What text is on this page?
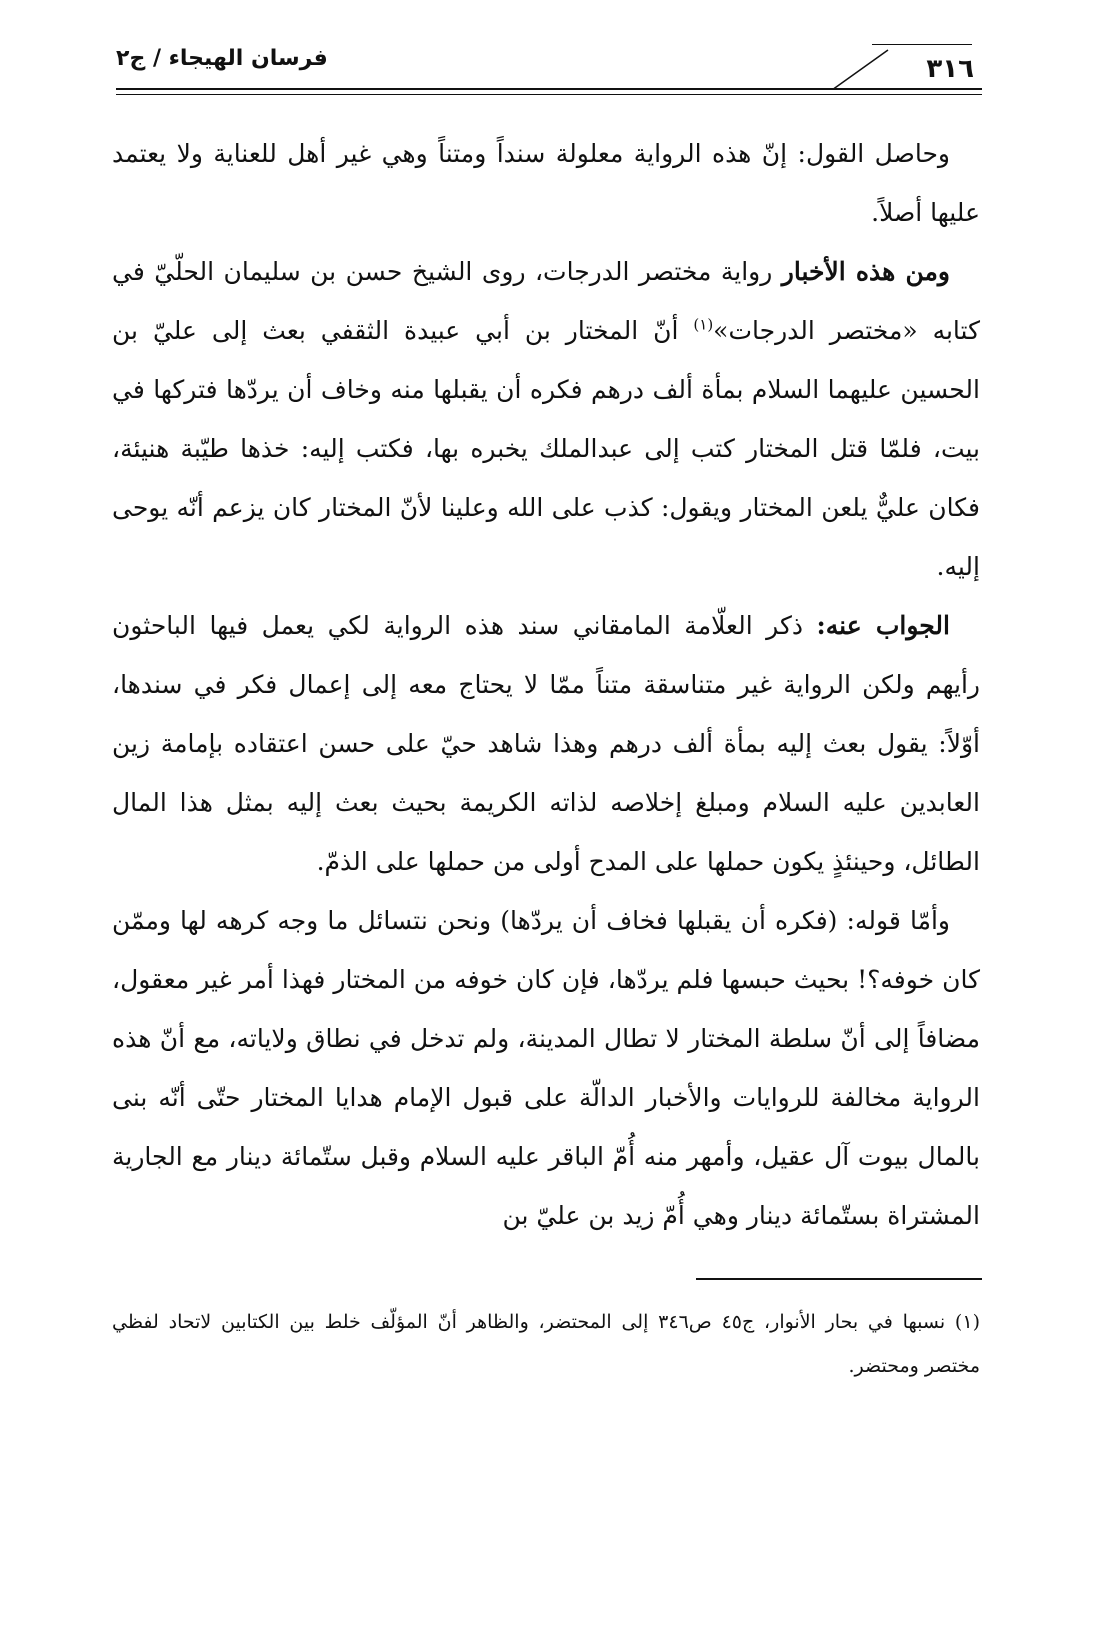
٣١٦
فرسان الهيجاء / ج٢

وحاصل القول: إنّ هذه الرواية معلولة سنداً ومتناً وهي غير أهل للعناية ولا يعتمد عليها أصلاً.

ومن هذه الأخبار رواية مختصر الدرجات، روى الشيخ حسن بن سليمان الحلّيّ في كتابه «مختصر الدرجات»$^{(١)}$ أنّ المختار بن أبي عبيدة الثقفي بعث إلى عليّ بن الحسين عليهما السلام بمأة ألف درهم فكره أن يقبلها منه وخاف أن يردّها فتركها في بيت، فلمّا قتل المختار كتب إلى عبدالملك يخبره بها، فكتب إليه: خذها طيّبة هنيئة، فكان عليٌّ يلعن المختار ويقول: كذب على الله وعلينا لأنّ المختار كان يزعم أنّه يوحى إليه.

الجواب عنه: ذكر العلّامة المامقاني سند هذه الرواية لكي يعمل فيها الباحثون رأيهم ولكن الرواية غير متناسقة متناً ممّا لا يحتاج معه إلى إعمال فكر في سندها، أوّلاً: يقول بعث إليه بمأة ألف درهم وهذا شاهد حيّ على حسن اعتقاده بإمامة زين العابدين عليه السلام ومبلغ إخلاصه لذاته الكريمة بحيث بعث إليه بمثل هذا المال الطائل، وحينئذٍ يكون حملها على المدح أولى من حملها على الذمّ.

وأمّا قوله: (فكره أن يقبلها فخاف أن يردّها) ونحن نتسائل ما وجه كرهه لها وممّن كان خوفه؟! بحيث حبسها فلم يردّها، فإن كان خوفه من المختار فهذا أمر غير معقول، مضافاً إلى أنّ سلطة المختار لا تطال المدينة، ولم تدخل في نطاق ولاياته، مع أنّ هذه الرواية مخالفة للروايات والأخبار الدالّة على قبول الإمام هدايا المختار حتّى أنّه بنى بالمال بيوت آل عقيل، وأمهر منه أُمّ الباقر عليه السلام وقبل ستّمائة دينار مع الجارية المشتراة بستّمائة دينار وهي أُمّ زيد بن عليّ بن

(١) نسبها في بحار الأنوار، ج٤٥ ص٣٤٦ إلى المحتضر، والظاهر أنّ المؤلّف خلط بين الكتابين لاتحاد لفظي مختصر ومحتضر.
